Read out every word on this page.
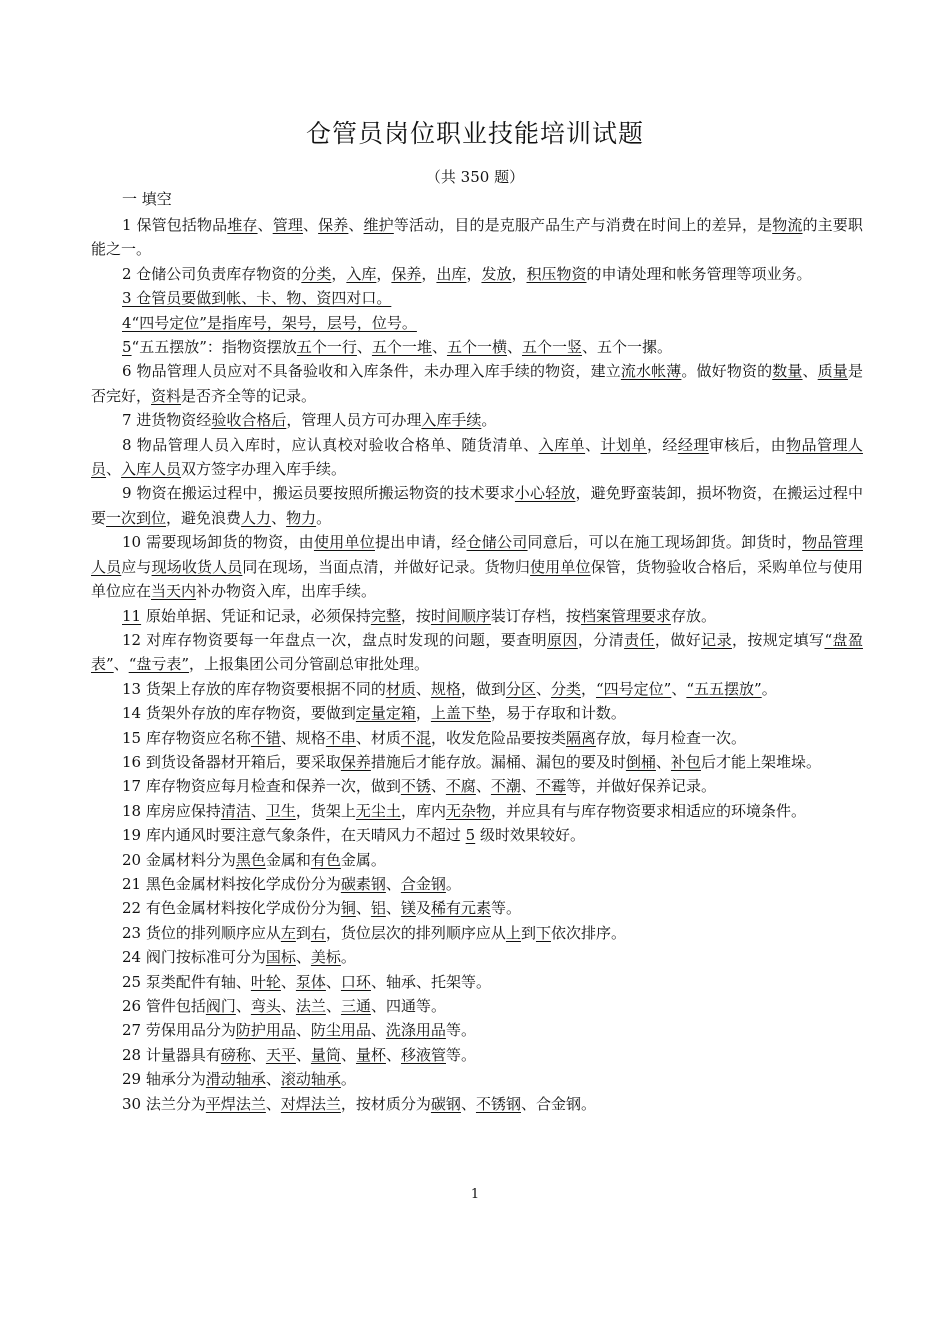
仓管员岗位职业技能培训试题
（共 350 题）
一 填空
1 保管包括物品堆存、管理、保养、维护等活动，目的是克服产品生产与消费在时间上的差异，是物流的主要职能之一。
2 仓储公司负责库存物资的分类，入库，保养，出库，发放，积压物资的申请处理和帐务管理等项业务。
3 仓管员要做到帐、卡、物、资四对口。
4“四号定位”是指库号，架号，层号，位号。
5“五五摆放”：指物资摆放五个一行、五个一堆、五个一横、五个一竖、五个一摞。
6 物品管理人员应对不具备验收和入库条件，未办理入库手续的物资，建立流水帐薄。做好物资的数量、质量是否完好，资料是否齐全等的记录。
7 进货物资经验收合格后，管理人员方可办理入库手续。
8 物品管理人员入库时，应认真校对验收合格单、随货清单、入库单、计划单，经经理审核后，由物品管理人员、入库人员双方签字办理入库手续。
9 物资在搬运过程中，搬运员要按照所搬运物资的技术要求小心轻放，避免野蛮装卸，损坏物资，在搬运过程中要一次到位，避免浪费人力、物力。
10 需要现场卸货的物资，由使用单位提出申请，经仓储公司同意后，可以在施工现场卸货。卸货时，物品管理人员应与现场收货人员同在现场，当面点清，并做好记录。货物归使用单位保管，货物验收合格后，采购单位与使用单位应在当天内补办物资入库，出库手续。
11 原始单据、凭证和记录，必须保持完整，按时间顺序装订存档，按档案管理要求存放。
12 对库存物资要每一年盘点一次，盘点时发现的问题，要查明原因，分清责任，做好记录，按规定填写“盘盈表”、“盘亏表”，上报集团公司分管副总审批处理。
13 货架上存放的库存物资要根据不同的材质、规格，做到分区、分类，“四号定位”、“五五摆放”。
14 货架外存放的库存物资，要做到定量定箱，上盖下垫，易于存取和计数。
15 库存物资应名称不错、规格不串、材质不混，收发危险品要按类隔离存放，每月检查一次。
16 到货设备器材开箱后，要采取保养措施后才能存放。漏桶、漏包的要及时倒桶、补包后才能上架堆垛。
17 库存物资应每月检查和保养一次，做到不锈、不腐、不潮、不霉等，并做好保养记录。
18 库房应保持清洁、卫生，货架上无尘土，库内无杂物，并应具有与库存物资要求相适应的环境条件。
19 库内通风时要注意气象条件，在天晴风力不超过 5 级时效果较好。
20 金属材料分为黑色金属和有色金属。
21 黑色金属材料按化学成份分为碳素钢、合金钢。
22 有色金属材料按化学成份分为铜、铝、镁及稀有元素等。
23 货位的排列顺序应从左到右，货位层次的排列顺序应从上到下依次排序。
24 阀门按标准可分为国标、美标。
25 泵类配件有轴、叶轮、泵体、口环、轴承、托架等。
26 管件包括阀门、弯头、法兰、三通、四通等。
27 劳保用品分为防护用品、防尘用品、洗涤用品等。
28 计量器具有磅称、天平、量筒、量杯、移液管等。
29 轴承分为滑动轴承、滚动轴承。
30 法兰分为平焊法兰、对焊法兰，按材质分为碳钢、不锈钢、合金钢。
1
